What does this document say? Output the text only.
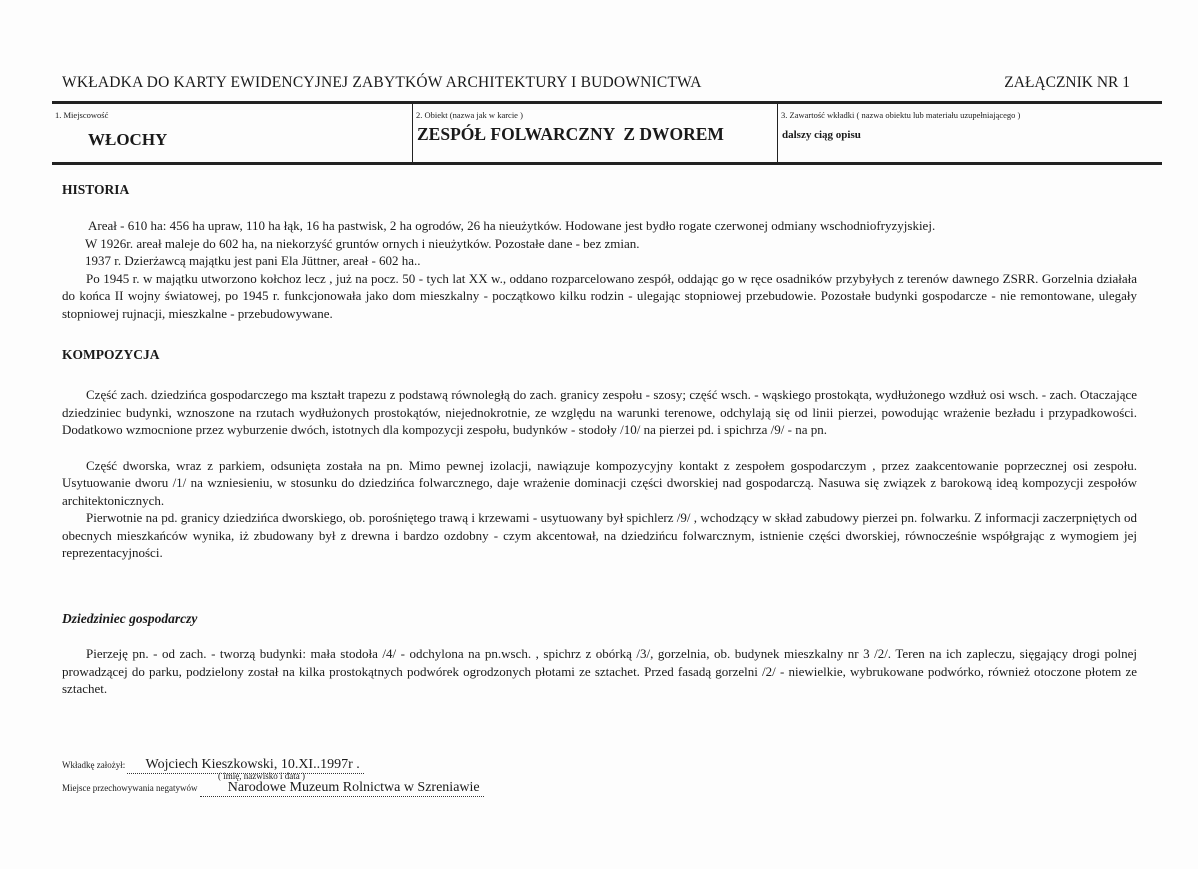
WKŁADKA DO KARTY EWIDENCYJNEJ ZABYTKÓW ARCHITEKTURY I BUDOWNICTWA	ZAŁĄCZNIK NR 1
1. Miejscowość
WŁOCHY
2. Obiekt (nazwa jak w karcie )
ZESPÓŁ FOLWARCZNY  Z DWOREM
3. Zawartość wkładki ( nazwa obiektu lub materiału uzupełniającego )
dalszy ciąg opisu
HISTORIA
Areał - 610 ha: 456 ha upraw, 110 ha łąk, 16 ha pastwisk, 2 ha ogrodów, 26 ha nieużytków. Hodowane jest bydło rogate czerwonej odmiany wschodniofryzyjskiej.
W 1926r. areał maleje do 602 ha, na niekorzyść gruntów ornych i nieużytków. Pozostałe dane - bez zmian.
1937 r. Dzierżawcą majątku jest pani Ela Jüttner, areał - 602 ha..
Po 1945 r. w majątku utworzono kołchoz lecz , już na pocz. 50 - tych lat XX w., oddano rozparcelowano zespół, oddając go w ręce osadników przybyłych z terenów dawnego ZSRR. Gorzelnia działała do końca II wojny światowej, po 1945 r. funkcjonowała jako dom mieszkalny - początkowo kilku rodzin - ulegając stopniowej przebudowie. Pozostałe budynki gospodarcze - nie remontowane, ulegały stopniowej rujnacji, mieszkalne - przebudowywane.
KOMPOZYCJA
Część zach. dziedzińca gospodarczego ma kształt trapezu z podstawą równoległą do zach. granicy zespołu - szosy; część wsch. - wąskiego prostokąta, wydłużonego wzdłuż osi wsch. - zach. Otaczające dziedziniec budynki, wznoszone na rzutach wydłużonych prostokątów, niejednokrotnie, ze względu na warunki terenowe, odchylają się od linii pierzei, powodując wrażenie bezładu i przypadkowości. Dodatkowo wzmocnione przez wyburzenie dwóch, istotnych dla kompozycji zespołu, budynków - stodoły /10/ na pierzei pd. i spichrza /9/ - na pn.
Część dworska, wraz z parkiem, odsunięta została na pn. Mimo pewnej izolacji, nawiązuje kompozycyjny kontakt z zespołem gospodarczym , przez zaakcentowanie poprzecznej osi zespołu. Usytuowanie dworu /1/ na wzniesieniu, w stosunku do dziedzińca folwarcznego, daje wrażenie dominacji części dworskiej nad gospodarczą. Nasuwa się związek z barokową ideą kompozycji zespołów architektonicznych.
Pierwotnie na pd. granicy dziedzińca dworskiego, ob. porośniętego trawą i krzewami - usytuowany był spichlerz /9/ , wchodzący w skład zabudowy pierzei pn. folwarku. Z informacji zaczerpniętych od obecnych mieszkańców wynika, iż zbudowany był z drewna i bardzo ozdobny - czym akcentował, na dziedzińcu folwarcznym, istnienie części dworskiej, równocześnie współgrając z wymogiem jej reprezentacyjności.
Dziedziniec gospodarczy
Pierzeję pn. - od zach. - tworzą budynki: mała stodoła /4/ - odchylona na pn.wsch. , spichrz z obórką /3/, gorzelnia, ob. budynek mieszkalny nr 3 /2/. Teren na ich zapleczu, sięgający drogi polnej prowadzącej do parku, podzielony został na kilka prostokątnych podwórek ogrodzonych płotami ze sztachet. Przed fasadą gorzelni /2/ - niewielkie, wybrukowane podwórko, również otoczone płotem ze sztachet.
Wkładkę założył: Wojciech Kieszkowski, 10.XI..1997r .
( imię, nazwisko i data )
Miejsce przechowywania negatywów Narodowe Muzeum Rolnictwa w Szreniawie
